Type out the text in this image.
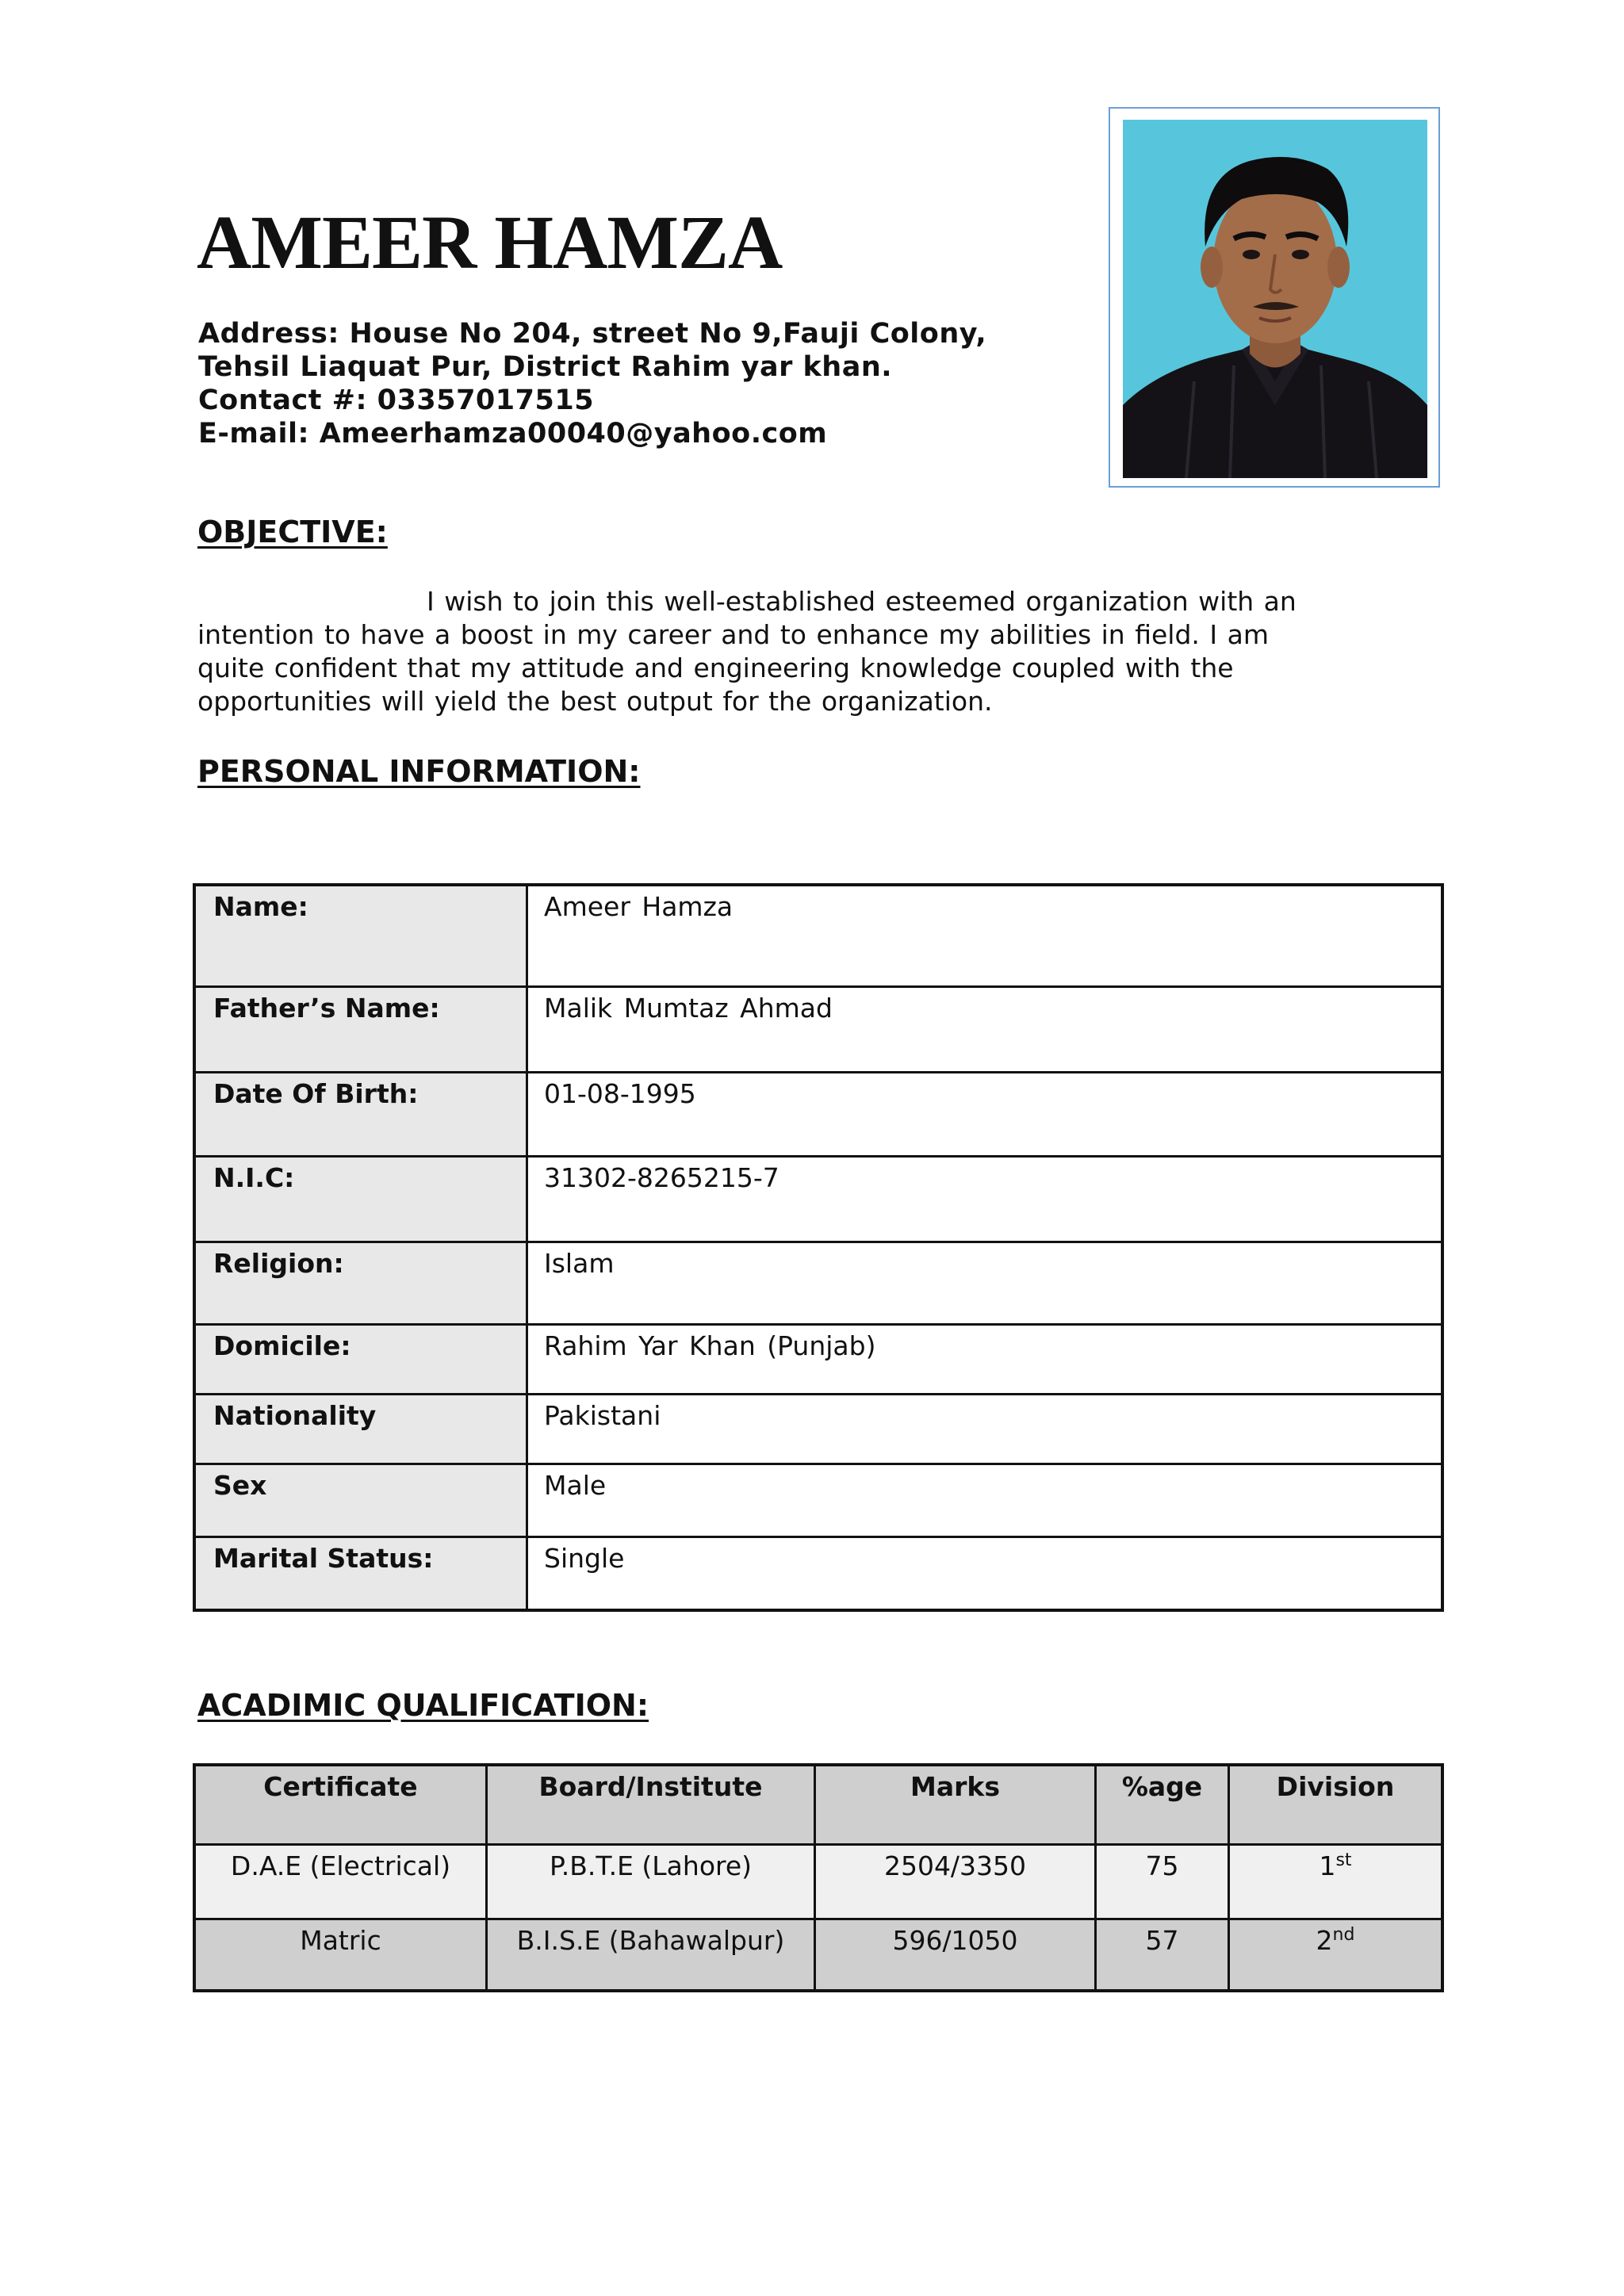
AMEER HAMZA
Address: House No 204, street No 9,Fauji Colony,
Tehsil Liaquat Pur, District Rahim yar khan.
Contact #: 03357017515
E-mail: Ameerhamza00040@yahoo.com
OBJECTIVE:
I wish to join this well-established esteemed organization with an
intention to have a boost in my career and to enhance my abilities in field. I am
quite confident that my attitude and engineering knowledge coupled with the
opportunities will yield the best output for the organization.
PERSONAL INFORMATION:
Name:	Ameer Hamza
Father’s Name:	Malik Mumtaz Ahmad
Date Of Birth:	01-08-1995
N.I.C:	31302-8265215-7
Religion:	Islam
Domicile:	Rahim Yar Khan (Punjab)
Nationality	Pakistani
Sex	Male
Marital Status:	Single
ACADIMIC QUALIFICATION:
Certificate	Board/Institute	Marks	%age	Division
D.A.E (Electrical)	P.B.T.E (Lahore)	2504/3350	75	1st
Matric	B.I.S.E (Bahawalpur)	596/1050	57	2nd
